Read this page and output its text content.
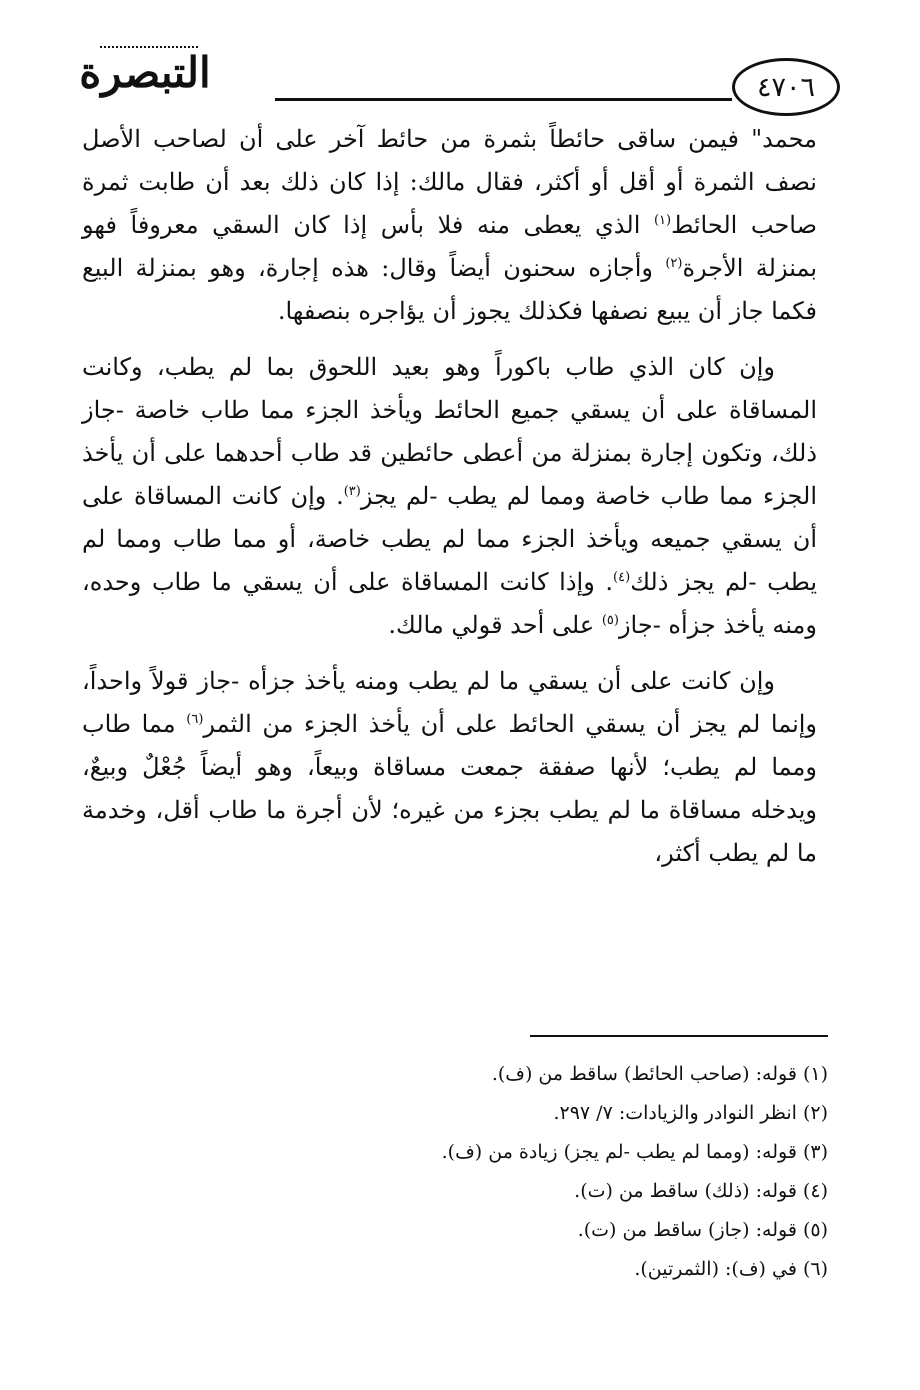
التبصرة	٤٧٠٦

محمد" فيمن ساقى حائطاً بثمرة من حائط آخر على أن لصاحب الأصل نصف الثمرة أو أقل أو أكثر، فقال مالك: إذا كان ذلك بعد أن طابت ثمرة صاحب الحائط$^{(١)}$ الذي يعطى منه فلا بأس إذا كان السقي معروفاً فهو بمنزلة الأجرة$^{(٢)}$ وأجازه سحنون أيضاً وقال: هذه إجارة، وهو بمنزلة البيع فكما جاز أن يبيع نصفها فكذلك يجوز أن يؤاجره بنصفها.

وإن كان الذي طاب باكوراً وهو بعيد اللحوق بما لم يطب، وكانت المساقاة على أن يسقي جميع الحائط ويأخذ الجزء مما طاب خاصة -جاز ذلك، وتكون إجارة بمنزلة من أعطى حائطين قد طاب أحدهما على أن يأخذ الجزء مما طاب خاصة ومما لم يطب -لم يجز$^{(٣)}$. وإن كانت المساقاة على أن يسقي جميعه ويأخذ الجزء مما لم يطب خاصة، أو مما طاب ومما لم يطب -لم يجز ذلك$^{(٤)}$. وإذا كانت المساقاة على أن يسقي ما طاب وحده، ومنه يأخذ جزأه -جاز$^{(٥)}$ على أحد قولي مالك.

وإن كانت على أن يسقي ما لم يطب ومنه يأخذ جزأه -جاز قولاً واحداً، وإنما لم يجز أن يسقي الحائط على أن يأخذ الجزء من الثمر$^{(٦)}$ مما طاب ومما لم يطب؛ لأنها صفقة جمعت مساقاة وبيعاً، وهو أيضاً جُعْلٌ وبيعٌ، ويدخله مساقاة ما لم يطب بجزء من غيره؛ لأن أجرة ما طاب أقل، وخدمة ما لم يطب أكثر،

(١) قوله: (صاحب الحائط) ساقط من (ف).

(٢) انظر النوادر والزيادات: ٧/ ٢٩٧.

(٣) قوله: (ومما لم يطب -لم يجز) زيادة من (ف).

(٤) قوله: (ذلك) ساقط من (ت).

(٥) قوله: (جاز) ساقط من (ت).

(٦) في (ف): (الثمرتين).
